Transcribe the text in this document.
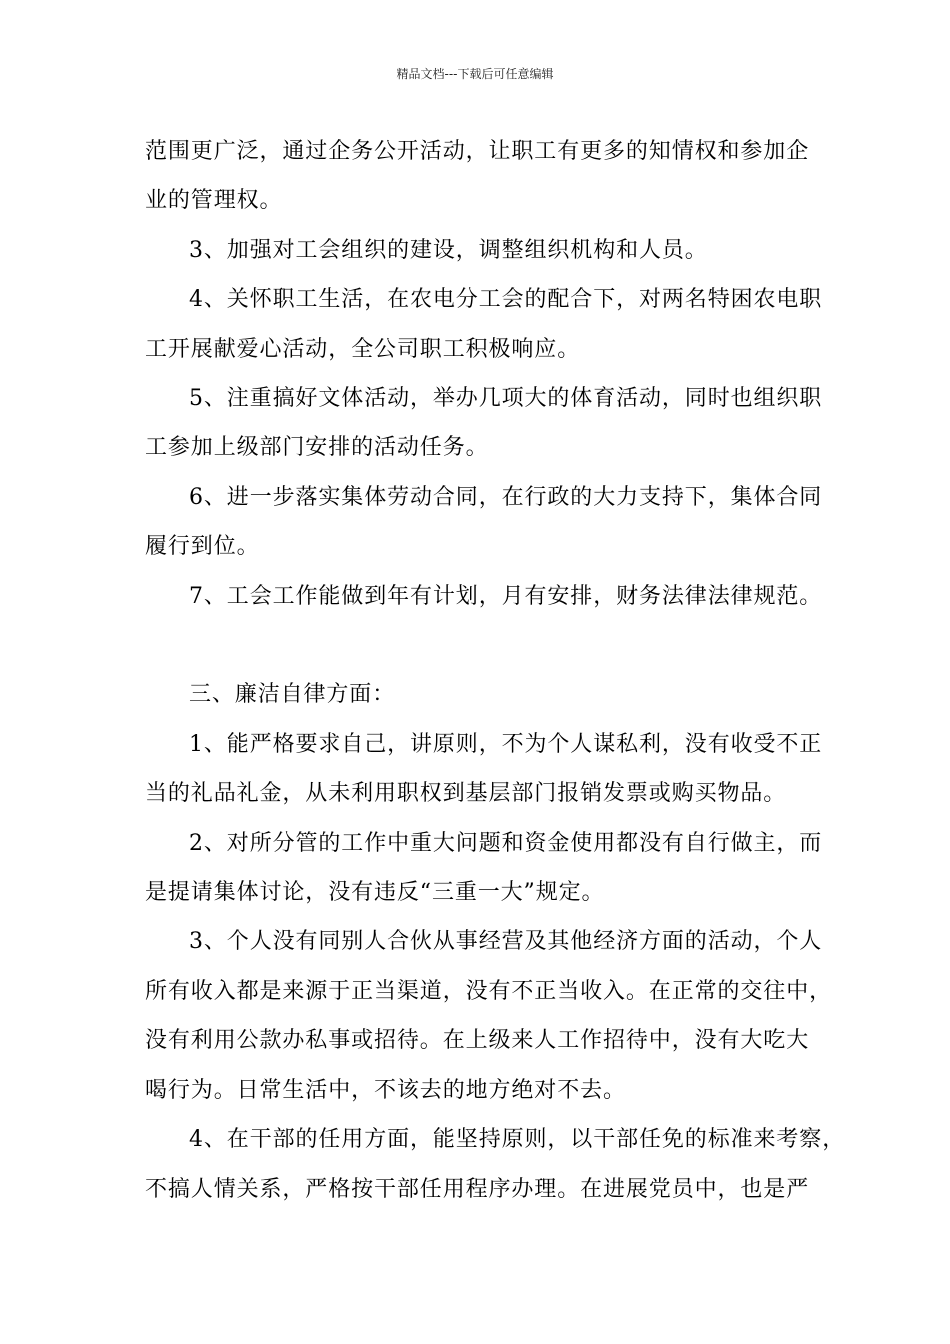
精品文档---下载后可任意编辑

范围更广泛，通过企务公开活动，让职工有更多的知情权和参加企
业的管理权。

3、加强对工会组织的建设，调整组织机构和人员。

4、关怀职工生活，在农电分工会的配合下，对两名特困农电职
工开展献爱心活动，全公司职工积极响应。

5、注重搞好文体活动，举办几项大的体育活动，同时也组织职
工参加上级部门安排的活动任务。

6、进一步落实集体劳动合同，在行政的大力支持下，集体合同
履行到位。

7、工会工作能做到年有计划，月有安排，财务法律法律规范。

三、廉洁自律方面：

1、能严格要求自己，讲原则，不为个人谋私利，没有收受不正
当的礼品礼金，从未利用职权到基层部门报销发票或购买物品。

2、对所分管的工作中重大问题和资金使用都没有自行做主，而
是提请集体讨论，没有违反“三重一大”规定。

3、个人没有同别人合伙从事经营及其他经济方面的活动，个人
所有收入都是来源于正当渠道，没有不正当收入。在正常的交往中，
没有利用公款办私事或招待。在上级来人工作招待中，没有大吃大
喝行为。日常生活中，不该去的地方绝对不去。

4、在干部的任用方面，能坚持原则，以干部任免的标准来考察，
不搞人情关系，严格按干部任用程序办理。在进展党员中，也是严
